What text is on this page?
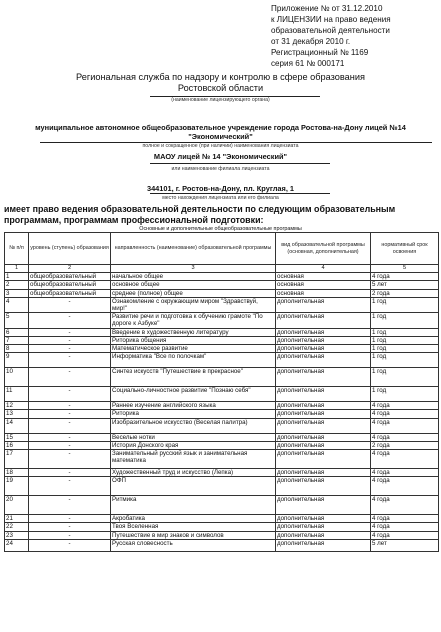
Приложение № от 31.12.2010
к ЛИЦЕНЗИИ на право ведения
образовательной деятельности
от 31 декабря 2010 г.
Регистрационный № 1169
серия 61 № 000171
Региональная служба по надзору и контролю в сфере образования
Ростовской области
(наименование лицензирующего органа)
муниципальное автономное общеобразовательное учреждение города Ростова-на-Дону лицей №14
"Экономический"
полное и сокращенное (при наличии) наименования лицензиата
МАОУ лицей № 14 "Экономический"
или наименование филиала лицензиата
344101, г. Ростов-на-Дону, пл. Круглая, 1
место нахождения лицензиата или его филиала
имеет право ведения образовательной деятельности по следующим образовательным программам, программам профессиональной подготовки:
Основные и дополнительные общеобразовательные программы
№ п/п	уровень (ступень) образования	направленность (наименование) образовательной программы	вид образовательной программы (основная, дополнительная)	нормативный срок освоения
1	2	3	4	5
1	общеобразовательный	начальное общее	основная	4 года
2	общеобразовательный	основное общее	основная	5 лет
3	общеобразовательный	среднее (полное) общее	основная	2 года
4	-	Ознакомление с окружающим миром "Здравствуй, мир!"	дополнительная	1 год
5	-	Развитие речи и подготовка к обучению грамоте "По дороге к Азбуке"	дополнительная	1 год
6	-	Введение в художественную литературу	дополнительная	1 год
7	-	Риторика общения	дополнительная	1 год
8	-	Математическое развитие	дополнительная	1 год
9	-	Информатика "Все по полочкам"	дополнительная	1 год
10	-	Синтез искусств "Путешествие в прекрасное"	дополнительная	1 год
11	-	Социально-личностное развитие "Познаю себя"	дополнительная	1 год
12	-	Раннее изучение английского языка	дополнительная	4 года
13	-	Риторика	дополнительная	4 года
14	-	Изобразительное искусство (Веселая палитра)	дополнительная	4 года
15	-	Веселые нотки	дополнительная	4 года
16	-	История Донского края	дополнительная	2 года
17	-	Занимательный русский язык и занимательная математика	дополнительная	4 года
18	-	Художественный труд и искусство (Лепка)	дополнительная	4 года
19	-	ОФП	дополнительная	4 года
20	-	Ритмика	дополнительная	4 года
21	-	Акробатика	дополнительная	4 года
22	-	Твоя Вселенная	дополнительная	4 года
23	-	Путешествие в мир знаков и символов	дополнительная	4 года
24	-	Русская словесность	дополнительная	5 лет
